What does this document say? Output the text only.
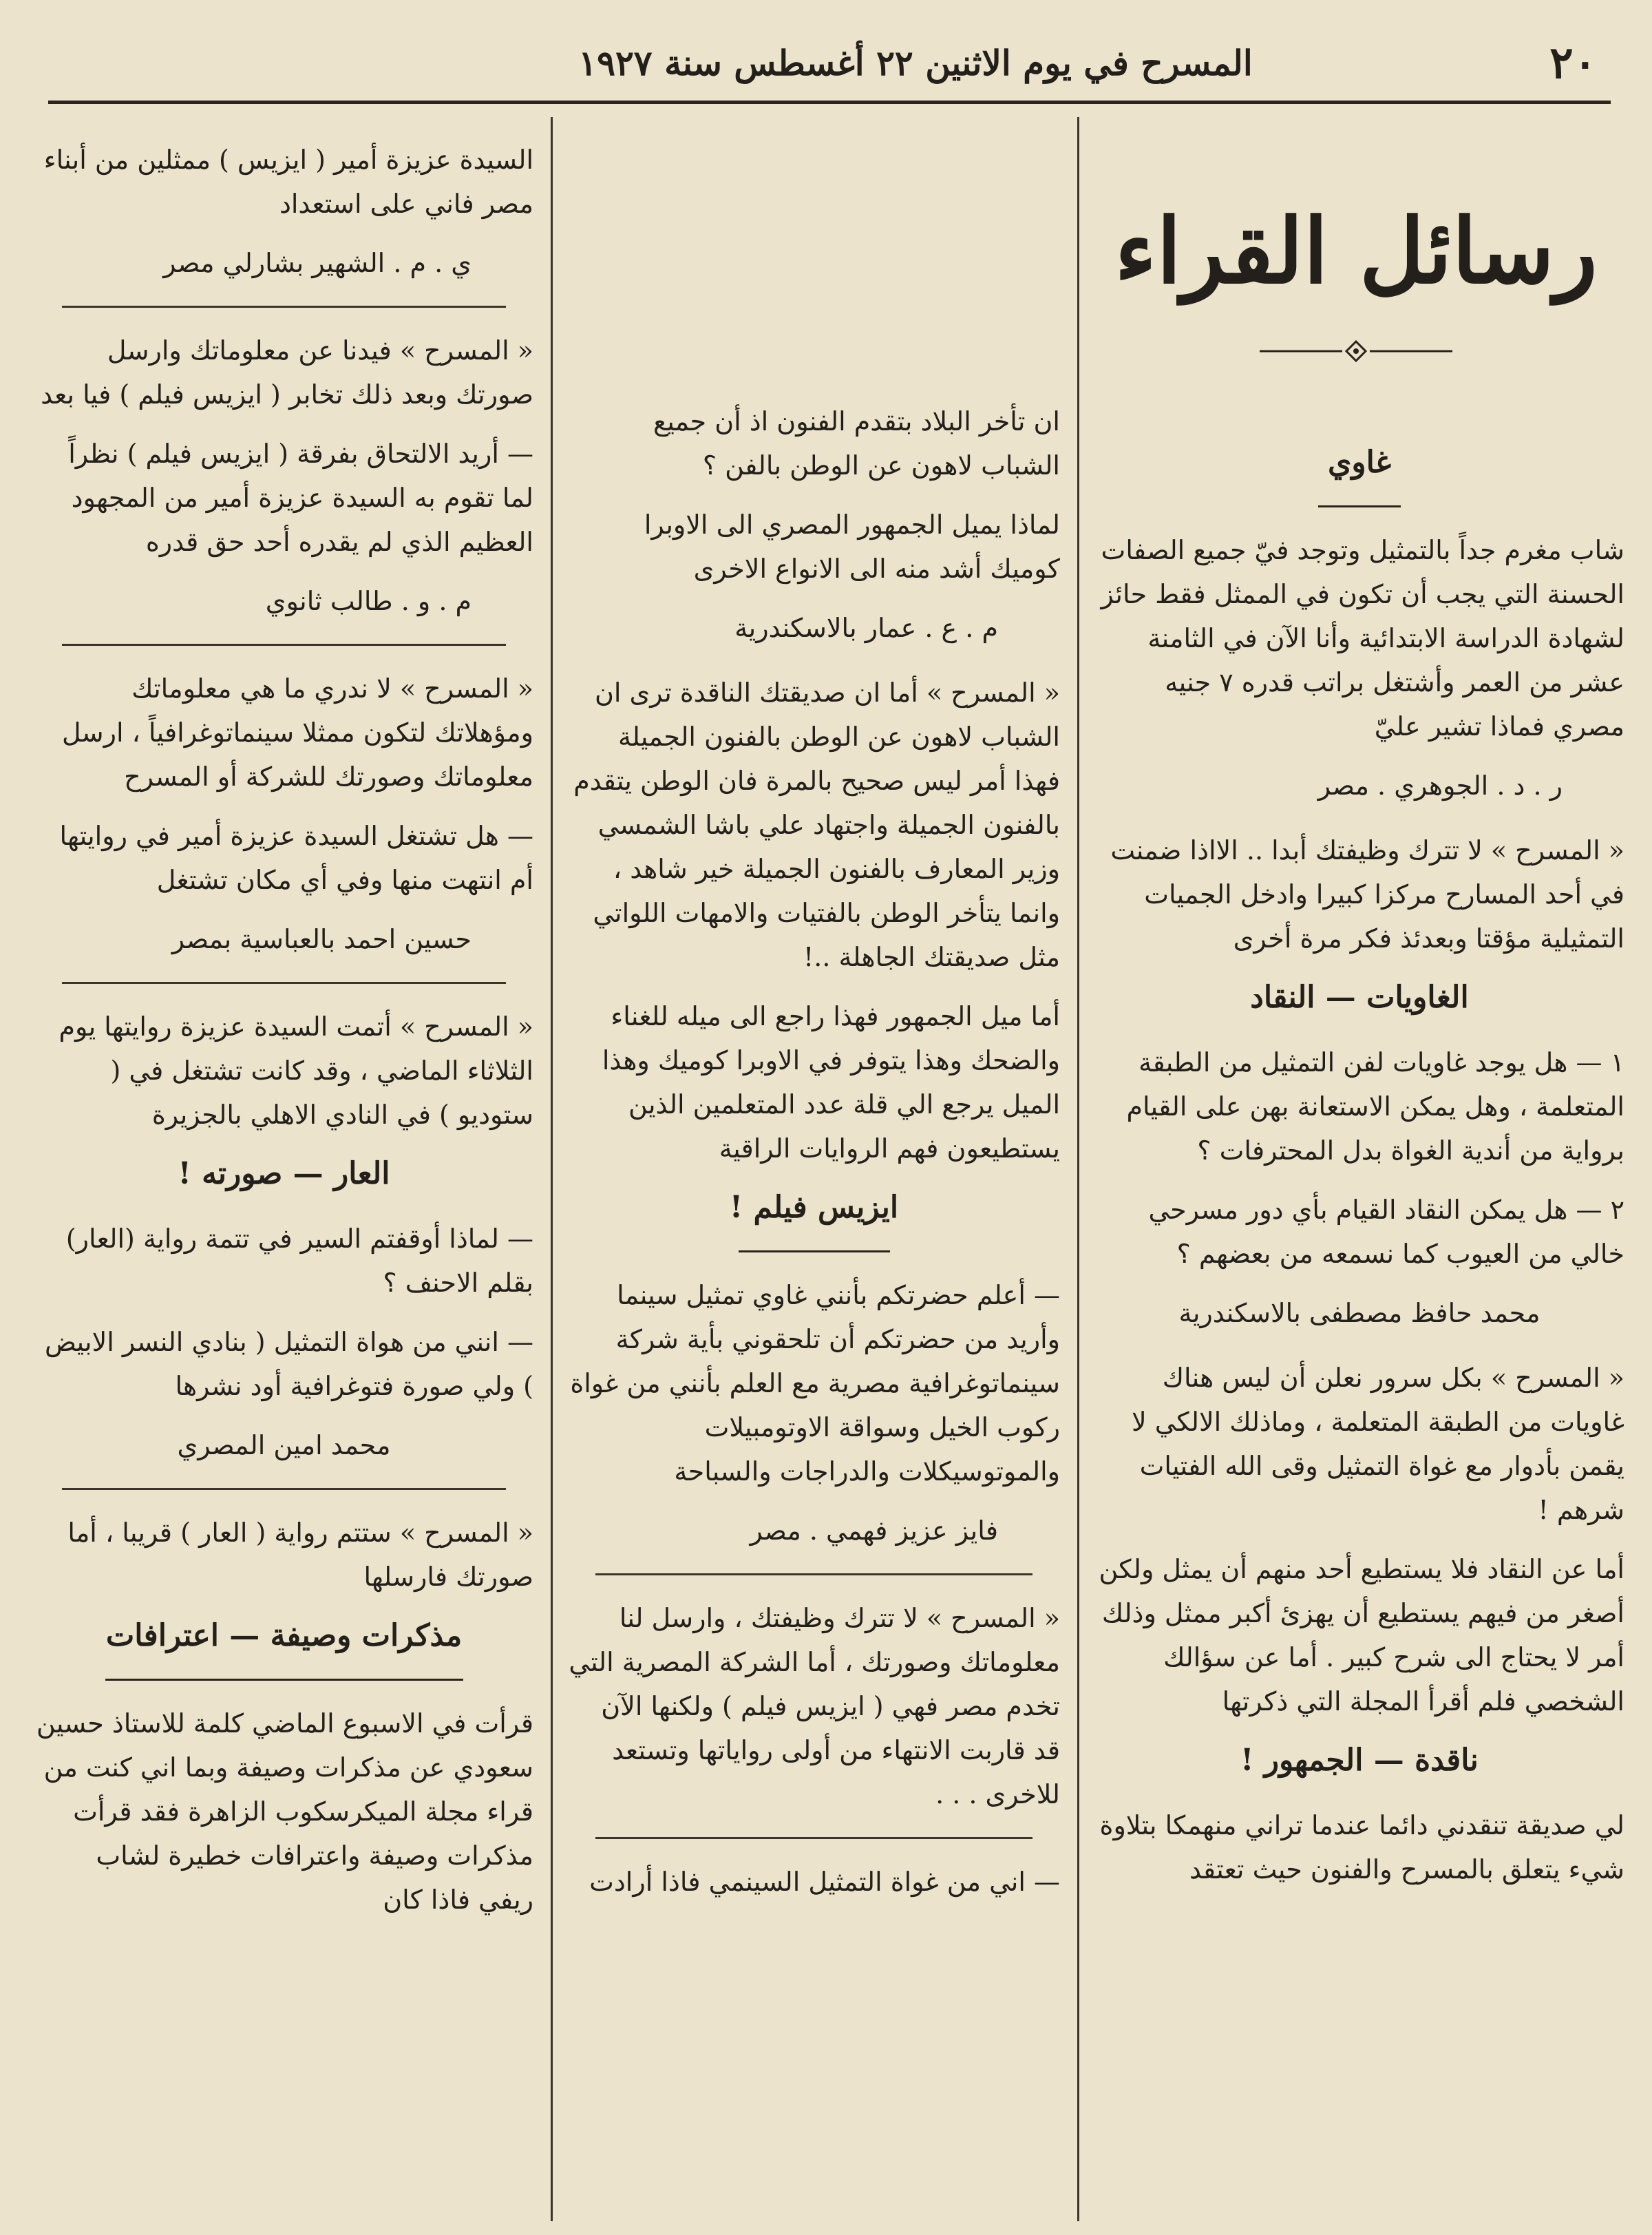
٢٠
المسرح في يوم الاثنين ٢٢ أغسطس سنة ١٩٢٧
رسائل القراء
غاوي

شاب مغرم جداً بالتمثيل وتوجد فيّ جميع الصفات الحسنة التي يجب أن تكون في الممثل فقط حائز لشهادة الدراسة الابتدائية وأنا الآن في الثامنة عشر من العمر وأشتغل براتب قدره ٧ جنيه مصري فماذا تشير عليّ

ر . د . الجوهري . مصر

« المسرح » لا تترك وظيفتك أبدا .. الااذا ضمنت في أحد المسارح مركزا كبيرا وادخل الجميات التمثيلية مؤقتا وبعدئذ فكر مرة أخرى

الغاويات — النقاد

١ — هل يوجد غاويات لفن التمثيل من الطبقة المتعلمة ، وهل يمكن الاستعانة بهن على القيام برواية من أندية الغواة بدل المحترفات ؟

٢ — هل يمكن النقاد القيام بأي دور مسرحي خالي من العيوب كما نسمعه من بعضهم ؟

محمد حافظ مصطفى بالاسكندرية

« المسرح » بكل سرور نعلن أن ليس هناك غاويات من الطبقة المتعلمة ، وماذلك الالكي لا يقمن بأدوار مع غواة التمثيل وقى الله الفتيات شرهم !

أما عن النقاد فلا يستطيع أحد منهم أن يمثل ولكن أصغر من فيهم يستطيع أن يهزئ أكبر ممثل وذلك أمر لا يحتاج الى شرح كبير . أما عن سؤالك الشخصي فلم أقرأ المجلة التي ذكرتها

ناقدة — الجمهور !

لي صديقة تنقدني دائما عندما تراني منهمكا بتلاوة شيء يتعلق بالمسرح والفنون حيث تعتقد

ان تأخر البلاد بتقدم الفنون اذ أن جميع الشباب لاهون عن الوطن بالفن ؟

لماذا يميل الجمهور المصري الى الاوبرا كوميك أشد منه الى الانواع الاخرى

م . ع . عمار بالاسكندرية

« المسرح » أما ان صديقتك الناقدة ترى ان الشباب لاهون عن الوطن بالفنون الجميلة فهذا أمر ليس صحيح بالمرة فان الوطن يتقدم بالفنون الجميلة واجتهاد علي باشا الشمسي وزير المعارف بالفنون الجميلة خير شاهد ، وانما يتأخر الوطن بالفتيات والامهات اللواتي مثل صديقتك الجاهلة ..!

أما ميل الجمهور فهذا راجع الى ميله للغناء والضحك وهذا يتوفر في الاوبرا كوميك وهذا الميل يرجع الي قلة عدد المتعلمين الذين يستطيعون فهم الروايات الراقية

ايزيس فيلم !

— أعلم حضرتكم بأنني غاوي تمثيل سينما وأريد من حضرتكم أن تلحقوني بأية شركة سينماتوغرافية مصرية مع العلم بأنني من غواة ركوب الخيل وسواقة الاوتومبيلات والموتوسيكلات والدراجات والسباحة

فايز عزيز فهمي . مصر

« المسرح » لا تترك وظيفتك ، وارسل لنا معلوماتك وصورتك ، أما الشركة المصرية التي تخدم مصر فهي ( ايزيس فيلم ) ولكنها الآن قد قاربت الانتهاء من أولى رواياتها وتستعد للاخرى . . .

— اني من غواة التمثيل السينمي فاذا أرادت

السيدة عزيزة أمير ( ايزيس ) ممثلين من أبناء مصر فاني على استعداد

ي . م . الشهير بشارلي مصر

« المسرح » فيدنا عن معلوماتك وارسل صورتك وبعد ذلك تخابر ( ايزيس فيلم ) فيا بعد

— أريد الالتحاق بفرقة ( ايزيس فيلم ) نظراً لما تقوم به السيدة عزيزة أمير من المجهود العظيم الذي لم يقدره أحد حق قدره

م . و . طالب ثانوي

« المسرح » لا ندري ما هي معلوماتك ومؤهلاتك لتكون ممثلا سينماتوغرافياً ، ارسل معلوماتك وصورتك للشركة أو المسرح

— هل تشتغل السيدة عزيزة أمير في روايتها أم انتهت منها وفي أي مكان تشتغل

حسين احمد بالعباسية بمصر

« المسرح » أتمت السيدة عزيزة روايتها يوم الثلاثاء الماضي ، وقد كانت تشتغل في ( ستوديو ) في النادي الاهلي بالجزيرة

العار — صورته !

— لماذا أوقفتم السير في تتمة رواية (العار) بقلم الاحنف ؟

— انني من هواة التمثيل ( بنادي النسر الابيض ) ولي صورة فتوغرافية أود نشرها

محمد امين المصري

« المسرح » ستتم رواية ( العار ) قريبا ، أما صورتك فارسلها

مذكرات وصيفة — اعترافات

قرأت في الاسبوع الماضي كلمة للاستاذ حسين سعودي عن مذكرات وصيفة وبما اني كنت من قراء مجلة الميكرسكوب الزاهرة فقد قرأت مذكرات وصيفة واعترافات خطيرة لشاب ريفي فاذا كان
